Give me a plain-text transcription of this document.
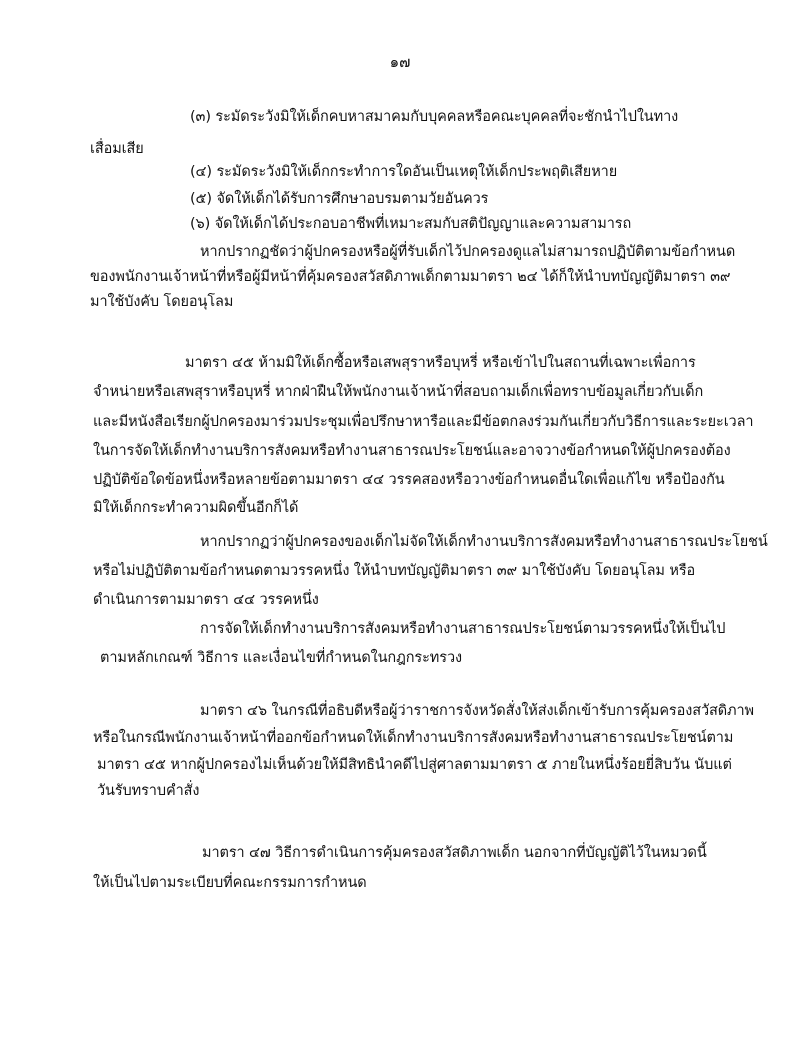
๑๗
(๓) ระมัดระวังมิให้เด็กคบหาสมาคมกับบุคคลหรือคณะบุคคลที่จะชักนำไปในทาง
เสื่อมเสีย
(๔) ระมัดระวังมิให้เด็กกระทำการใดอันเป็นเหตุให้เด็กประพฤติเสียหาย
(๕) จัดให้เด็กได้รับการศึกษาอบรมตามวัยอันควร
(๖) จัดให้เด็กได้ประกอบอาชีพที่เหมาะสมกับสติปัญญาและความสามารถ
หากปรากฏชัดว่าผู้ปกครองหรือผู้ที่รับเด็กไว้ปกครองดูแลไม่สามารถปฏิบัติตามข้อกำหนด
ของพนักงานเจ้าหน้าที่หรือผู้มีหน้าที่คุ้มครองสวัสดิภาพเด็กตามมาตรา ๒๔ ได้ก็ให้นำบทบัญญัติมาตรา ๓๙
มาใช้บังคับ โดยอนุโลม
มาตรา ๔๕ ห้ามมิให้เด็กซื้อหรือเสพสุราหรือบุหรี่ หรือเข้าไปในสถานที่เฉพาะเพื่อการ
จำหน่ายหรือเสพสุราหรือบุหรี่ หากฝ่าฝืนให้พนักงานเจ้าหน้าที่สอบถามเด็กเพื่อทราบข้อมูลเกี่ยวกับเด็ก
และมีหนังสือเรียกผู้ปกครองมาร่วมประชุมเพื่อปรึกษาหารือและมีข้อตกลงร่วมกันเกี่ยวกับวิธีการและระยะเวลา
ในการจัดให้เด็กทำงานบริการสังคมหรือทำงานสาธารณประโยชน์และอาจวางข้อกำหนดให้ผู้ปกครองต้อง
ปฏิบัติข้อใดข้อหนึ่งหรือหลายข้อตามมาตรา ๔๔ วรรคสองหรือวางข้อกำหนดอื่นใดเพื่อแก้ไข หรือป้องกัน
มิให้เด็กกระทำความผิดขึ้นอีกก็ได้
หากปรากฏว่าผู้ปกครองของเด็กไม่จัดให้เด็กทำงานบริการสังคมหรือทำงานสาธารณประโยชน์
หรือไม่ปฏิบัติตามข้อกำหนดตามวรรคหนึ่ง ให้นำบทบัญญัติมาตรา ๓๙ มาใช้บังคับ โดยอนุโลม หรือ
ดำเนินการตามมาตรา ๔๔ วรรคหนึ่ง
การจัดให้เด็กทำงานบริการสังคมหรือทำงานสาธารณประโยชน์ตามวรรคหนึ่งให้เป็นไป
ตามหลักเกณฑ์ วิธีการ และเงื่อนไขที่กำหนดในกฎกระทรวง
มาตรา ๔๖ ในกรณีที่อธิบดีหรือผู้ว่าราชการจังหวัดสั่งให้ส่งเด็กเข้ารับการคุ้มครองสวัสดิภาพ
หรือในกรณีพนักงานเจ้าหน้าที่ออกข้อกำหนดให้เด็กทำงานบริการสังคมหรือทำงานสาธารณประโยชน์ตาม
มาตรา ๔๕ หากผู้ปกครองไม่เห็นด้วยให้มีสิทธินำคดีไปสู่ศาลตามมาตรา ๕ ภายในหนึ่งร้อยยี่สิบวัน นับแต่
วันรับทราบคำสั่ง
มาตรา ๔๗ วิธีการดำเนินการคุ้มครองสวัสดิภาพเด็ก นอกจากที่บัญญัติไว้ในหมวดนี้
ให้เป็นไปตามระเบียบที่คณะกรรมการกำหนด
